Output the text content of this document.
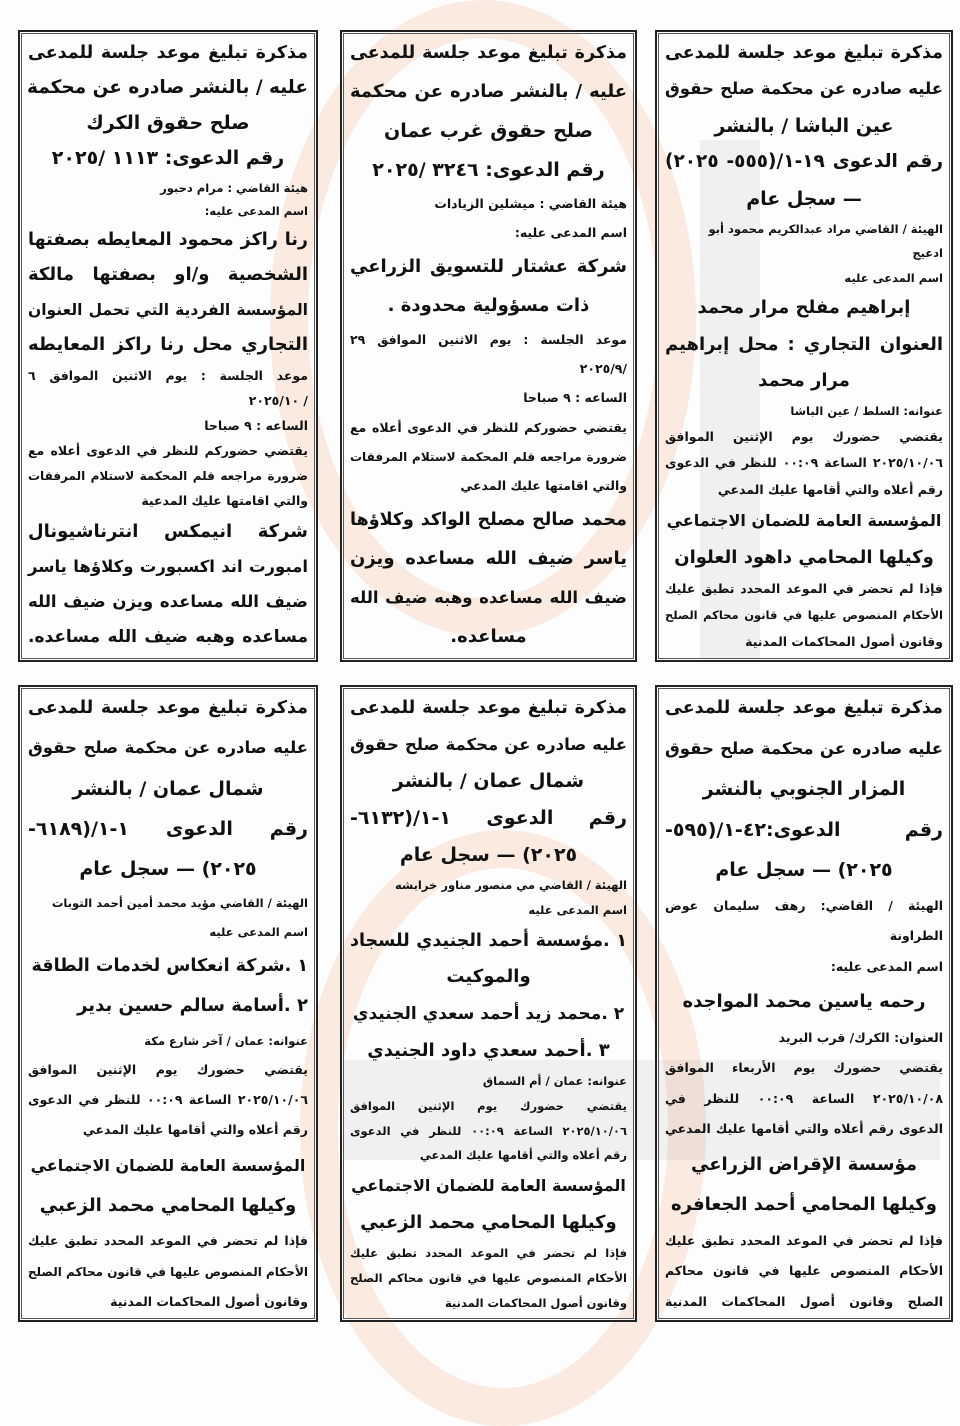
مذكرة تبليغ موعد جلسة للمدعى
عليه صادره عن محكمة صلح حقوق
عين الباشا / بالنشر
رقم الدعوى ١٩-١/(٥٥٥- ٢٠٢٥)
— سجل عام
الهيئة / القاضي مراد عبدالكريم محمود أبو
ادعيج
اسم المدعى عليه
إبراهيم مفلح مرار محمد
العنوان التجاري : محل إبراهيم
مرار محمد
عنوانه: السلط / عين الباشا
يقتضي حضورك يوم الإثنين الموافق
٢٠٢٥/١٠/٠٦ الساعة ٠٠:٠٩ للنظر في الدعوى
رقم أعلاه والتي أقامها عليك المدعي
المؤسسة العامة للضمان الاجتماعي
وكيلها المحامي داهود العلوان
فإذا لم تحضر في الموعد المحدد تطبق عليك
الأحكام المنصوص عليها في قانون محاكم الصلح
وقانون أصول المحاكمات المدنية
مذكرة تبليغ موعد جلسة للمدعى
عليه / بالنشر صادره عن محكمة
صلح حقوق غرب عمان
رقم الدعوى: ٣٢٤٦ /٢٠٢٥
هيئة القاضي : ميشلين الزيادات
اسم المدعى عليه:
شركة عشتار للتسويق الزراعي
ذات مسؤولية محدودة .
موعد الجلسة : يوم الاثنين الموافق ٢٩
/٢٠٢٥/٩
الساعه : ٩ صباحا
يقتضي حضوركم للنظر في الدعوى أعلاه مع
ضرورة مراجعه قلم المحكمة لاستلام المرفقات
والتي اقامتها عليك المدعي
محمد صالح مصلح الواكد وكلاؤها
ياسر ضيف الله مساعده ويزن
ضيف الله مساعده وهبه ضيف الله
مساعده.
مذكرة تبليغ موعد جلسة للمدعى
عليه / بالنشر صادره عن محكمة
صلح حقوق الكرك
رقم الدعوى: ١١١٣ /٢٠٢٥
هيئة القاضي : مرام دحبور
اسم المدعى عليه:
رنا راكز محمود المعايطه بصفتها
الشخصية و/او بصفتها مالكة
المؤسسة الفردية التي تحمل العنوان
التجاري محل رنا راكز المعايطه
موعد الجلسة : يوم الاثنين الموافق ٦
/ ٢٠٢٥/١٠
الساعه : ٩ صباحا
يقتضي حضوركم للنظر في الدعوى أعلاه مع
ضرورة مراجعه قلم المحكمة لاستلام المرفقات
والتي اقامتها عليك المدعية
شركة انيمكس انترناشيونال
امبورت اند اكسبورت وكلاؤها ياسر
ضيف الله مساعده ويزن ضيف الله
مساعده وهبه ضيف الله مساعده.
مذكرة تبليغ موعد جلسة للمدعى
عليه صادره عن محكمة صلح حقوق
المزار الجنوبي بالنشر
رقم الدعوى:٤٢-١/(٥٩٥-
٢٠٢٥) — سجل عام
الهيئة / القاضي: رهف سليمان عوض
الطراونة
اسم المدعى عليه:
رحمه ياسين محمد المواجده
العنوان: الكرك/ قرب البريد
يقتضي حضورك يوم الأربعاء الموافق
٢٠٢٥/١٠/٠٨ الساعة ٠٠:٠٩ للنظر في
الدعوى رقم أعلاه والتي أقامها عليك المدعي
مؤسسة الإقراض الزراعي
وكيلها المحامي أحمد الجعافره
فإذا لم تحضر في الموعد المحدد تطبق عليك
الأحكام المنصوص عليها في قانون محاكم
الصلح وقانون أصول المحاكمات المدنية
مذكرة تبليغ موعد جلسة للمدعى
عليه صادره عن محكمة صلح حقوق
شمال عمان / بالنشر
رقم الدعوى ١-١/(٦١٣٢-
٢٠٢٥) — سجل عام
الهيئة / القاضي مي منصور مناور خرابشه
اسم المدعى عليه
١ .مؤسسة أحمد الجنيدي للسجاد
والموكيت
٢ .محمد زيد أحمد سعدي الجنيدي
٣ .أحمد سعدي داود الجنيدي
عنوانه: عمان / أم السماق
يقتضي حضورك يوم الإثنين الموافق
٢٠٢٥/١٠/٠٦ الساعة ٠٠:٠٩ للنظر في الدعوى
رقم أعلاه والتي أقامها عليك المدعي
المؤسسة العامة للضمان الاجتماعي
وكيلها المحامي محمد الزعبي
فإذا لم تحضر في الموعد المحدد تطبق عليك
الأحكام المنصوص عليها في قانون محاكم الصلح
وقانون أصول المحاكمات المدنية
مذكرة تبليغ موعد جلسة للمدعى
عليه صادره عن محكمة صلح حقوق
شمال عمان / بالنشر
رقم الدعوى ١-١/(٦١٨٩-
٢٠٢٥) — سجل عام
الهيئة / القاضي مؤيد محمد أمين أحمد التوبات
اسم المدعى عليه
١ .شركة انعكاس لخدمات الطاقة
٢ .أسامة سالم حسين بدير
عنوانه: عمان / آخر شارع مكة
يقتضي حضورك يوم الإثنين الموافق
٢٠٢٥/١٠/٠٦ الساعة ٠٠:٠٩ للنظر في الدعوى
رقم أعلاه والتي أقامها عليك المدعي
المؤسسة العامة للضمان الاجتماعي
وكيلها المحامي محمد الزعبي
فإذا لم تحضر في الموعد المحدد تطبق عليك
الأحكام المنصوص عليها في قانون محاكم الصلح
وقانون أصول المحاكمات المدنية
